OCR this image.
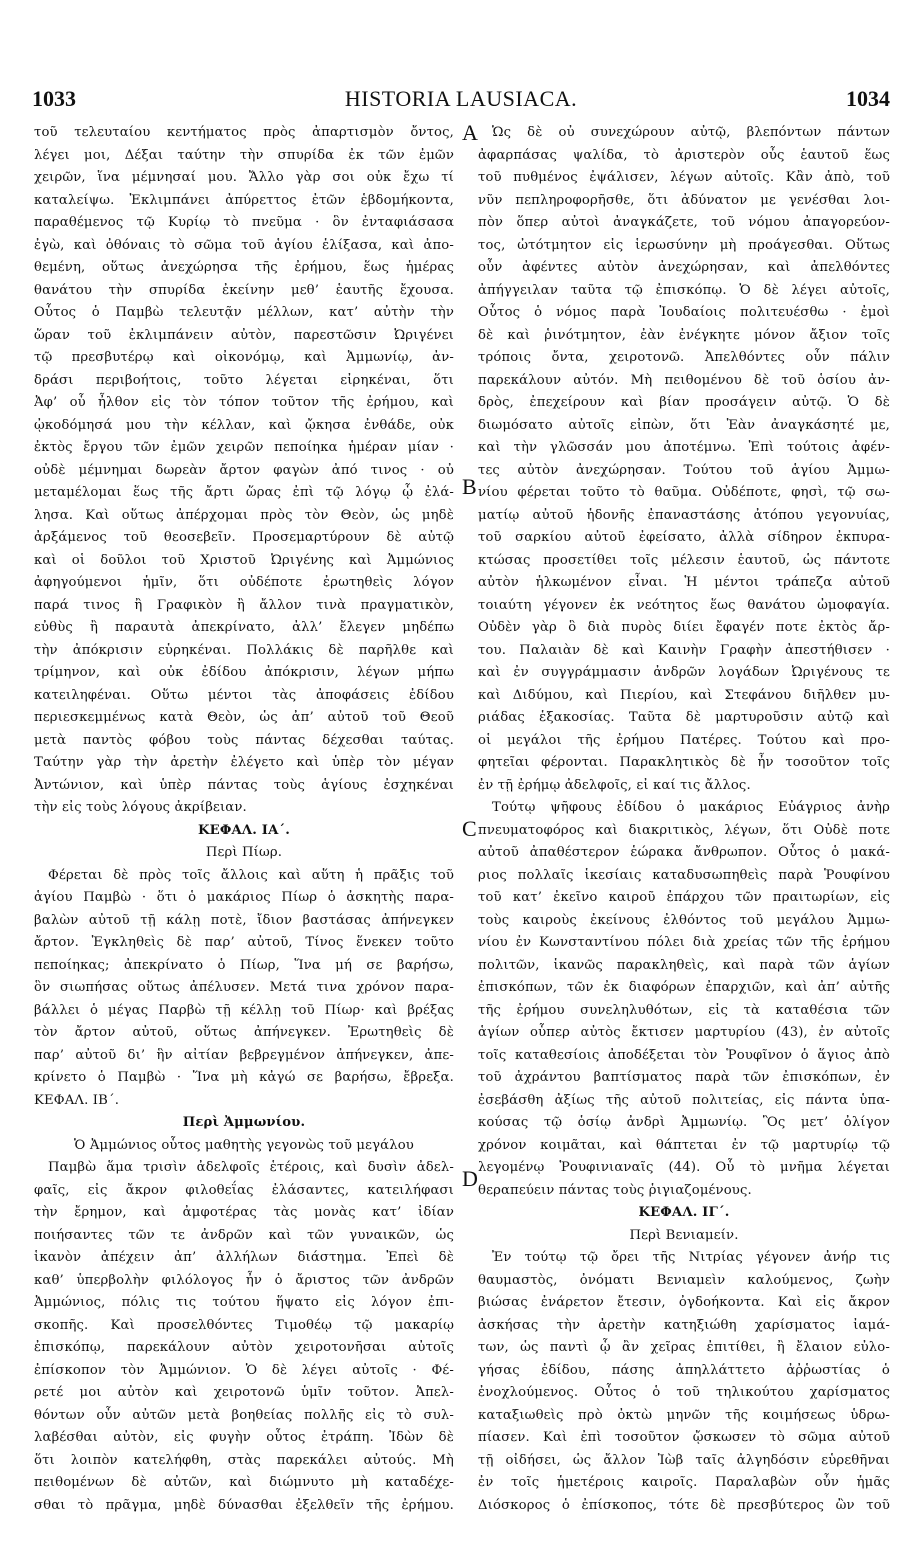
1033	HISTORIA LAUSIACA.	1034
A
B
C
D
τοῦ τελευταίου κεντήματος πρὸς ἀπαρτισμὸν ὄντος,
λέγει μοι, Δέξαι ταύτην τὴν σπυρίδα ἐκ τῶν ἐμῶν
χειρῶν, ἵνα μέμνησαί μου. Ἄλλο γὰρ σοι οὐκ ἔχω τί
καταλείψω. Ἐκλιμπάνει ἀπύρεττος ἐτῶν ἑβδομήκοντα,
παραθέμενος τῷ Κυρίῳ τὸ πνεῦμα · ὃν ἐνταφιάσασα
ἐγὼ, καὶ ὀθόναις τὸ σῶμα τοῦ ἁγίου ἑλίξασα, καὶ ἀπο-
θεμένη, οὕτως ἀνεχώρησα τῆς ἐρήμου, ἕως ἡμέρας
θανάτου τὴν σπυρίδα ἐκείνην μεθ’ ἑαυτῆς ἔχουσα.
Οὗτος ὁ Παμβὼ τελευτᾷν μέλλων, κατ’ αὐτὴν τὴν
ὥραν τοῦ ἐκλιμπάνειν αὐτὸν, παρεστῶσιν Ὠριγένει
τῷ πρεσβυτέρῳ καὶ οἰκονόμῳ, καὶ Ἀμμωνίῳ, ἀν-
δράσι περιβοήτοις, τοῦτο λέγεται εἰρηκέναι, ὅτι
Ἀφ’ οὗ ἦλθον εἰς τὸν τόπον τοῦτον τῆς ἐρήμου, καὶ
ᾠκοδόμησά μου τὴν κέλλαν, καὶ ᾤκησα ἐνθάδε, οὐκ
ἐκτὸς ἔργου τῶν ἐμῶν χειρῶν πεποίηκα ἡμέραν μίαν ·
οὐδὲ μέμνημαι δωρεὰν ἄρτον φαγὼν ἀπό τινος · οὐ
μεταμέλομαι ἕως τῆς ἄρτι ὥρας ἐπὶ τῷ λόγῳ ᾧ ἐλά-
λησα. Καὶ οὕτως ἀπέρχομαι πρὸς τὸν Θεὸν, ὡς μηδὲ
ἀρξάμενος τοῦ θεοσεβεῖν. Προσεμαρτύρουν δὲ αὐτῷ
καὶ οἱ δοῦλοι τοῦ Χριστοῦ Ὠριγένης καὶ Ἀμμώνιος
ἀφηγούμενοι ἡμῖν, ὅτι οὐδέποτε ἐρωτηθεὶς λόγον
παρά τινος ἢ Γραφικὸν ἢ ἄλλον τινὰ πραγματικὸν,
εὐθὺς ἢ παραυτὰ ἀπεκρίνατο, ἀλλ’ ἔλεγεν μηδέπω
τὴν ἀπόκρισιν εὑρηκέναι. Πολλάκις δὲ παρῆλθε καὶ
τρίμηνον, καὶ οὐκ ἐδίδου ἀπόκρισιν, λέγων μήπω
κατειληφέναι. Οὕτω μέντοι τὰς ἀποφάσεις ἐδίδου
περιεσκεμμένως κατὰ Θεὸν, ὡς ἀπ’ αὐτοῦ τοῦ Θεοῦ
μετὰ παντὸς φόβου τοὺς πάντας δέχεσθαι ταύτας.
Ταύτην γὰρ τὴν ἀρετὴν ἐλέγετο καὶ ὑπὲρ τὸν μέγαν
Ἀντώνιον, καὶ ὑπὲρ πάντας τοὺς ἁγίους ἐσχηκέναι
τὴν εἰς τοὺς λόγους ἀκρίβειαν.
ΚΕΦΑΛ. ΙΑ΄.
Περὶ Πίωρ.
Φέρεται δὲ πρὸς τοῖς ἄλλοις καὶ αὕτη ἡ πρᾶξις τοῦ
ἁγίου Παμβὼ · ὅτι ὁ μακάριος Πίωρ ὁ ἀσκητὴς παρα-
βαλὼν αὐτοῦ τῇ κάλῃ ποτὲ, ἴδιον βαστάσας ἀπήνεγκεν
ἄρτον. Ἐγκληθεὶς δὲ παρ’ αὐτοῦ, Τίνος ἕνεκεν τοῦτο
πεποίηκας; ἀπεκρίνατο ὁ Πίωρ, Ἵνα μή σε βαρήσω,
ὃν σιωπήσας οὕτως ἀπέλυσεν. Μετά τινα χρόνον παρα-
βάλλει ὁ μέγας Παρβὼ τῇ κέλλῃ τοῦ Πίωρ· καὶ βρέξας
τὸν ἄρτον αὐτοῦ, οὕτως ἀπήνεγκεν. Ἐρωτηθεὶς δὲ
παρ’ αὐτοῦ δι’ ἣν αἰτίαν βεβρεγμένον ἀπήνεγκεν, ἀπε-
κρίνετο ὁ Παμβὼ · Ἵνα μὴ κἀγώ σε βαρήσω, ἔβρεξα.
ΚΕΦΑΛ. ΙΒ΄.
Περὶ Ἀμμωνίου.
Ὁ Ἀμμώνιος οὗτος μαθητὴς γεγονὼς τοῦ μεγάλου
Παμβὼ ἅμα τρισὶν ἀδελφοῖς ἑτέροις, καὶ δυσὶν ἀδελ-
φαῖς, εἰς ἄκρον φιλοθεΐας ἐλάσαντες, κατειλήφασι
τὴν ἔρημον, καὶ ἀμφοτέρας τὰς μονὰς κατ’ ἰδίαν
ποιήσαντες τῶν τε ἀνδρῶν καὶ τῶν γυναικῶν, ὡς
ἱκανὸν ἀπέχειν ἀπ’ ἀλλήλων διάστημα. Ἐπεὶ δὲ
καθ’ ὑπερβολὴν φιλόλογος ἦν ὁ ἄριστος τῶν ἀνδρῶν
Ἀμμώνιος, πόλις τις τούτου ἥψατο εἰς λόγον ἐπι-
σκοπῆς. Καὶ προσελθόντες Τιμοθέῳ τῷ μακαρίῳ
ἐπισκόπῳ, παρεκάλουν αὐτὸν χειροτονῆσαι αὐτοῖς
ἐπίσκοπον τὸν Ἀμμώνιον. Ὁ δὲ λέγει αὐτοῖς · Φέ-
ρετέ μοι αὐτὸν καὶ χειροτονῶ ὑμῖν τοῦτον. Ἀπελ-
θόντων οὖν αὐτῶν μετὰ βοηθείας πολλῆς εἰς τὸ συλ-
λαβέσθαι αὐτὸν, εἰς φυγὴν οὗτος ἐτράπη. Ἰδὼν δὲ
ὅτι λοιπὸν κατελήφθη, στὰς παρεκάλει αὐτούς. Μὴ
πειθομένων δὲ αὐτῶν, καὶ διώμνυτο μὴ καταδέχε-
σθαι τὸ πρᾶγμα, μηδὲ δύνασθαι ἐξελθεῖν τῆς ἐρήμου.
Ὡς δὲ οὐ συνεχώρουν αὐτῷ, βλεπόντων πάντων
ἀφαρπάσας ψαλίδα, τὸ ἀριστερὸν οὖς ἑαυτοῦ ἕως
τοῦ πυθμένος ἐψάλισεν, λέγων αὐτοῖς. Κἂν ἀπὸ, τοῦ
νῦν πεπληροφορῆσθε, ὅτι ἀδύνατον με γενέσθαι λοι-
πὸν ὅπερ αὐτοὶ ἀναγκάζετε, τοῦ νόμου ἀπαγορεύον-
τος, ὠτότμητον εἰς ἱερωσύνην μὴ προάγεσθαι. Οὕτως
οὖν ἀφέντες αὐτὸν ἀνεχώρησαν, καὶ ἀπελθόντες
ἀπήγγειλαν ταῦτα τῷ ἐπισκόπῳ. Ὁ δὲ λέγει αὐτοῖς,
Οὗτος ὁ νόμος παρὰ Ἰουδαίοις πολιτευέσθω · ἐμοὶ
δὲ καὶ ῥινότμητον, ἐὰν ἐνέγκητε μόνον ἄξιον τοῖς
τρόποις ὄντα, χειροτονῶ. Ἀπελθόντες οὖν πάλιν
παρεκάλουν αὐτόν. Μὴ πειθομένου δὲ τοῦ ὁσίου ἀν-
δρὸς, ἐπεχείρουν καὶ βίαν προσάγειν αὐτῷ. Ὁ δὲ
διωμόσατο αὐτοῖς εἰπὼν, ὅτι Ἐὰν ἀναγκάσητέ με,
καὶ τὴν γλῶσσάν μου ἀποτέμνω. Ἐπὶ τούτοις ἀφέν-
τες αὐτὸν ἀνεχώρησαν. Τούτου τοῦ ἁγίου Ἀμμω-
νίου φέρεται τοῦτο τὸ θαῦμα. Οὐδέποτε, φησὶ, τῷ σω-
ματίῳ αὐτοῦ ἡδονῆς ἐπαναστάσης ἀτόπου γεγονυίας,
τοῦ σαρκίου αὐτοῦ ἐφείσατο, ἀλλὰ σίδηρον ἐκπυρα-
κτώσας προσετίθει τοῖς μέλεσιν ἑαυτοῦ, ὡς πάντοτε
αὐτὸν ἡλκωμένον εἶναι. Ἡ μέντοι τράπεζα αὐτοῦ
τοιαύτη γέγονεν ἐκ νεότητος ἕως θανάτου ὠμοφαγία.
Οὐδὲν γὰρ ὃ διὰ πυρὸς διίει ἔφαγέν ποτε ἐκτὸς ἄρ-
του. Παλαιὰν δὲ καὶ Καινὴν Γραφὴν ἀπεστήθισεν ·
καὶ ἐν συγγράμμασιν ἀνδρῶν λογάδων Ὠριγένους τε
καὶ Διδύμου, καὶ Πιερίου, καὶ Στεφάνου διῆλθεν μυ-
ριάδας ἑξακοσίας. Ταῦτα δὲ μαρτυροῦσιν αὐτῷ καὶ
οἱ μεγάλοι τῆς ἐρήμου Πατέρες. Τούτου καὶ προ-
φητεῖαι φέρονται. Παρακλητικὸς δὲ ἦν τοσοῦτον τοῖς
ἐν τῇ ἐρήμῳ ἀδελφοῖς, εἰ καί τις ἄλλος.
Τούτῳ ψῆφους ἐδίδου ὁ μακάριος Εὐάγριος ἀνὴρ
πνευματοφόρος καὶ διακριτικὸς, λέγων, ὅτι Οὐδὲ ποτε
αὐτοῦ ἀπαθέστερον ἑώρακα ἄνθρωπον. Οὗτος ὁ μακά-
ριος πολλαῖς ἱκεσίαις καταδυσωπηθεὶς παρὰ Ῥουφίνου
τοῦ κατ’ ἐκεῖνο καιροῦ ἐπάρχου τῶν πραιτωρίων, εἰς
τοὺς καιροὺς ἐκείνους ἐλθόντος τοῦ μεγάλου Ἀμμω-
νίου ἐν Κωνσταντίνου πόλει διὰ χρείας τῶν τῆς ἐρήμου
πολιτῶν, ἱκανῶς παρακληθεὶς, καὶ παρὰ τῶν ἁγίων
ἐπισκόπων, τῶν ἐκ διαφόρων ἐπαρχιῶν, καὶ ἀπ’ αὐτῆς
τῆς ἐρήμου συνεληλυθότων, εἰς τὰ καταθέσια τῶν
ἁγίων οὗπερ αὐτὸς ἔκτισεν μαρτυρίου (43), ἐν αὐτοῖς
τοῖς καταθεσίοις ἀποδέξεται τὸν Ῥουφῖνον ὁ ἅγιος ἀπὸ
τοῦ ἀχράντου βαπτίσματος παρὰ τῶν ἐπισκόπων, ἐν
ἐσεβάσθη ἀξίως τῆς αὐτοῦ πολιτείας, εἰς πάντα ὑπα-
κούσας τῷ ὁσίῳ ἀνδρὶ Ἀμμωνίῳ. Ὃς μετ’ ὀλίγον
χρόνον κοιμᾶται, καὶ θάπτεται ἐν τῷ μαρτυρίῳ τῷ
λεγομένῳ Ῥουφινιαναῖς (44). Οὗ τὸ μνῆμα λέγεται
θεραπεύειν πάντας τοὺς ῥιγιαζομένους.
ΚΕΦΑΛ. ΙΓ΄.
Περὶ Βενιαμείν.
Ἐν τούτῳ τῷ ὄρει τῆς Νιτρίας γέγονεν ἀνήρ τις
θαυμαστὸς, ὀνόματι Βενιαμεὶν καλούμενος, ζωὴν
βιώσας ἐνάρετον ἔτεσιν, ὀγδοήκοντα. Καὶ εἰς ἄκρον
ἀσκήσας τὴν ἀρετὴν κατηξιώθη χαρίσματος ἰαμά-
των, ὡς παντὶ ᾧ ἂν χεῖρας ἐπιτίθει, ἢ ἔλαιον εὐλο-
γήσας ἐδίδου, πάσης ἀπηλλάττετο ἀῤῥωστίας ὁ
ἐνοχλούμενος. Οὗτος ὁ τοῦ τηλικούτου χαρίσματος
καταξιωθεὶς πρὸ ὀκτὼ μηνῶν τῆς κοιμήσεως ὑδρω-
πίασεν. Καὶ ἐπὶ τοσοῦτον ᾤσκωσεν τὸ σῶμα αὐτοῦ
τῇ οἰδήσει, ὡς ἄλλον Ἰὼβ ταῖς ἀλγηδόσιν εὑρεθῆναι
ἐν τοῖς ἡμετέροις καιροῖς. Παραλαβὼν οὖν ἡμᾶς
Διόσκορος ὁ ἐπίσκοπος, τότε δὲ πρεσβύτερος ὢν τοῦ
